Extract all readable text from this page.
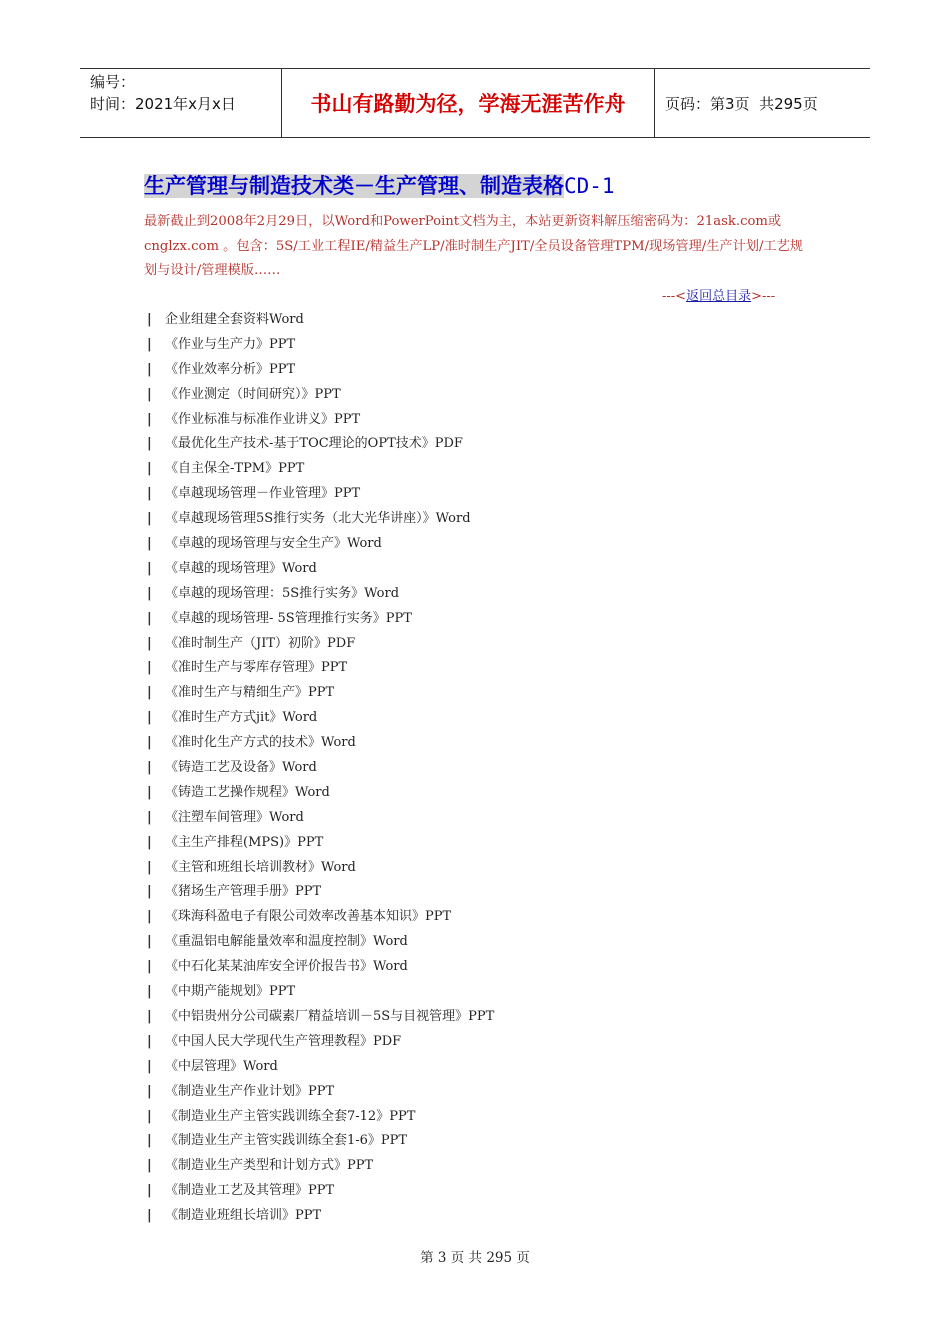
编号：
时间：2021年x月x日	书山有路勤为径，学海无涯苦作舟	页码：第3页  共295页
生产管理与制造技术类－生产管理、制造表格CD-1
最新截止到2008年2月29日，以Word和PowerPoint文档为主，本站更新资料解压缩密码为：21ask.com或cnglzx.com 。包含：5S/工业工程IE/精益生产LP/准时制生产JIT/全员设备管理TPM/现场管理/生产计划/工艺规划与设计/管理模版……
---<返回总目录>---
|	企业组建全套资料Word
|	《作业与生产力》PPT
|	《作业效率分析》PPT
|	《作业测定（时间研究）》PPT
|	《作业标准与标准作业讲义》PPT
|	《最优化生产技术-基于TOC理论的OPT技术》PDF
|	《自主保全-TPM》PPT
|	《卓越现场管理－作业管理》PPT
|	《卓越现场管理5S推行实务（北大光华讲座）》Word
|	《卓越的现场管理与安全生产》Word
|	《卓越的现场管理》Word
|	《卓越的现场管理：5S推行实务》Word
|	《卓越的现场管理- 5S管理推行实务》PPT
|	《准时制生产（JIT）初阶》PDF
|	《准时生产与零库存管理》PPT
|	《准时生产与精细生产》PPT
|	《准时生产方式jit》Word
|	《准时化生产方式的技术》Word
|	《铸造工艺及设备》Word
|	《铸造工艺操作规程》Word
|	《注塑车间管理》Word
|	《主生产排程(MPS)》PPT
|	《主管和班组长培训教材》Word
|	《猪场生产管理手册》PPT
|	《珠海科盈电子有限公司效率改善基本知识》PPT
|	《重温铝电解能量效率和温度控制》Word
|	《中石化某某油库安全评价报告书》Word
|	《中期产能规划》PPT
|	《中铝贵州分公司碳素厂精益培训－5S与目视管理》PPT
|	《中国人民大学现代生产管理教程》PDF
|	《中层管理》Word
|	《制造业生产作业计划》PPT
|	《制造业生产主管实践训练全套7-12》PPT
|	《制造业生产主管实践训练全套1-6》PPT
|	《制造业生产类型和计划方式》PPT
|	《制造业工艺及其管理》PPT
|	《制造业班组长培训》PPT
第 3 页 共 295 页
